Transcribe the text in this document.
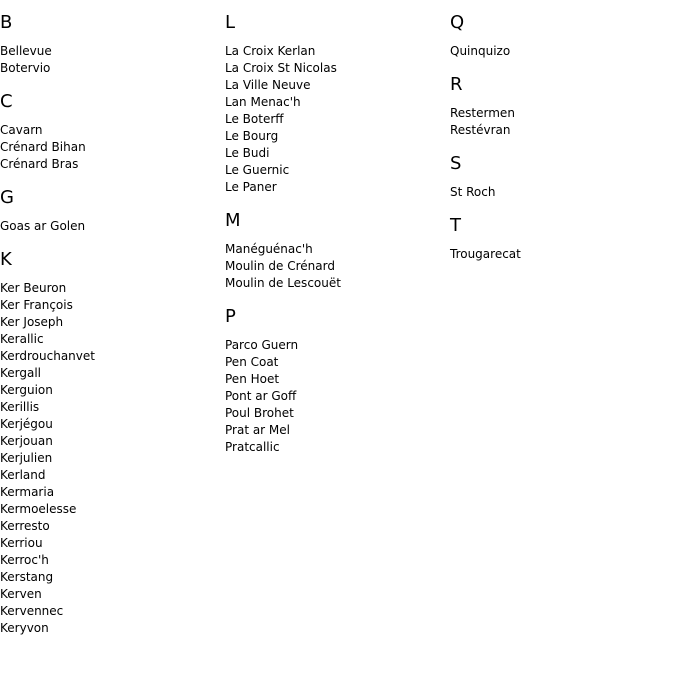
B
Bellevue
Botervio
C
Cavarn
Crénard Bihan
Crénard Bras
G
Goas ar Golen
K
Ker Beuron
Ker François
Ker Joseph
Kerallic
Kerdrouchanvet
Kergall
Kerguion
Kerillis
Kerjégou
Kerjouan
Kerjulien
Kerland
Kermaria
Kermoelesse
Kerresto
Kerriou
Kerroc'h
Kerstang
Kerven
Kervennec
Keryvon
L
La Croix Kerlan
La Croix St Nicolas
La Ville Neuve
Lan Menac'h
Le Boterff
Le Bourg
Le Budi
Le Guernic
Le Paner
M
Manéguénac'h
Moulin de Crénard
Moulin de Lescouët
P
Parco Guern
Pen Coat
Pen Hoet
Pont ar Goff
Poul Brohet
Prat ar Mel
Pratcallic
Q
Quinquizo
R
Restermen
Restévran
S
St Roch
T
Trougarecat
